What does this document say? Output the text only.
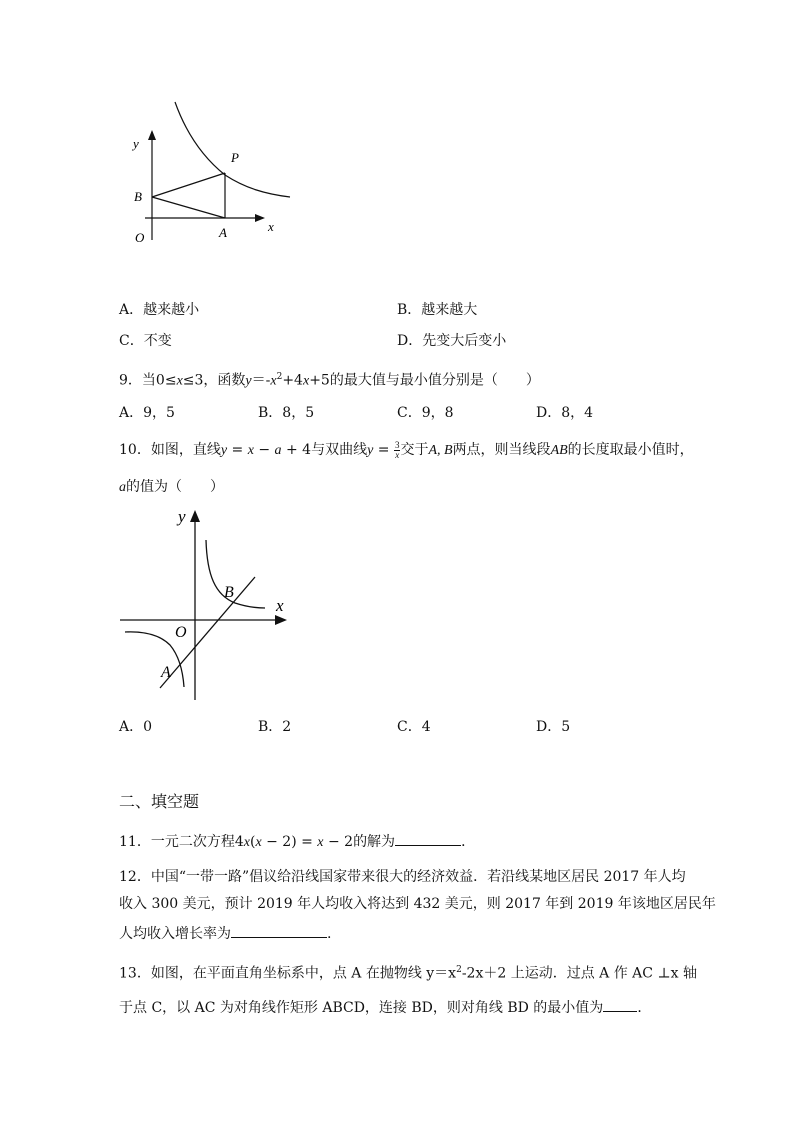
y
x
O
B
A
P
A．越来越小	B．越来越大
C．不变	D．先变大后变小
9．当0≤x≤3，函数$y=-x^2+4x+5$的最大值与最小值分别是（　　）
A．9，5	B．8，5	C．9，8	D．8，4
10．如图，直线y = x − a + 4与双曲线$y = \frac{3}{x}$ 交于A, B两点，则当线段AB的长度取最小值时，
a的值为（　　）
y
x
O
B
A
A．0	B．2	C．4	D．5
二、填空题
11．一元二次方程4x(x − 2) = x − 2的解为	．
12．中国“一带一路”倡议给沿线国家带来很大的经济效益．若沿线某地区居民 2017 年人均
收入 300 美元，预计 2019 年人均收入将达到 432 美元，则 2017 年到 2019 年该地区居民年
人均收入增长率为	.
13．如图，在平面直角坐标系中，点 A 在抛物线 $y=x^2-2x+2$ 上运动．过点 A 作 AC ⊥x 轴
于点 C，以 AC 为对角线作矩形 ABCD，连接 BD，则对角线 BD 的最小值为 ．
